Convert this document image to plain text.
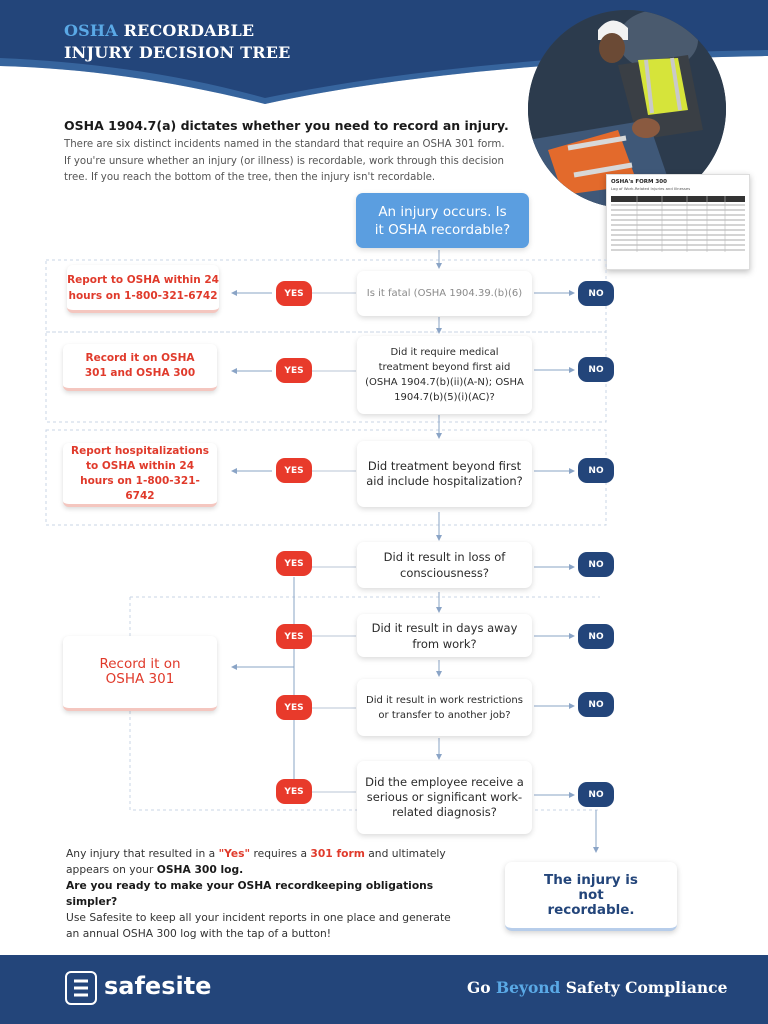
OSHA RECORDABLE
INJURY DECISION TREE
OSHA's FORM 300
Log of Work-Related Injuries and Illnesses
OSHA 1904.7(a) dictates whether you need to record an injury.
There are six distinct incidents named in the standard that require an OSHA 301 form. If you're unsure whether an injury (or illness) is recordable, work through this decision tree. If you reach the bottom of the tree, then the injury isn't recordable.
An injury occurs. Is it OSHA recordable?
Is it fatal (OSHA 1904.39.(b)(6)
Did it require medical treatment beyond first aid (OSHA 1904.7(b)(ii)(A-N); OSHA 1904.7(b)(5)(i)(AC)?
Did treatment beyond first aid include hospitalization?
Did it result in loss of consciousness?
Did it result in days away from work?
Did it result in work restrictions or transfer to another job?
Did the employee receive a serious or significant work-related diagnosis?
YES
YES
YES
YES
YES
YES
YES
NO
NO
NO
NO
NO
NO
NO
Report to OSHA within 24 hours on 1-800-321-6742
Record it on OSHA 301 and OSHA 300
Report hospitalizations to OSHA within 24 hours on 1-800-321-6742
Record it on OSHA 301
The injury is not recordable.
Any injury that resulted in a "Yes" requires a 301 form and ultimately appears on your OSHA 300 log.
Are you ready to make your OSHA recordkeeping obligations simpler?
Use Safesite to keep all your incident reports in one place and generate an annual OSHA 300 log with the tap of a button!
safesite	Go Beyond Safety Compliance
